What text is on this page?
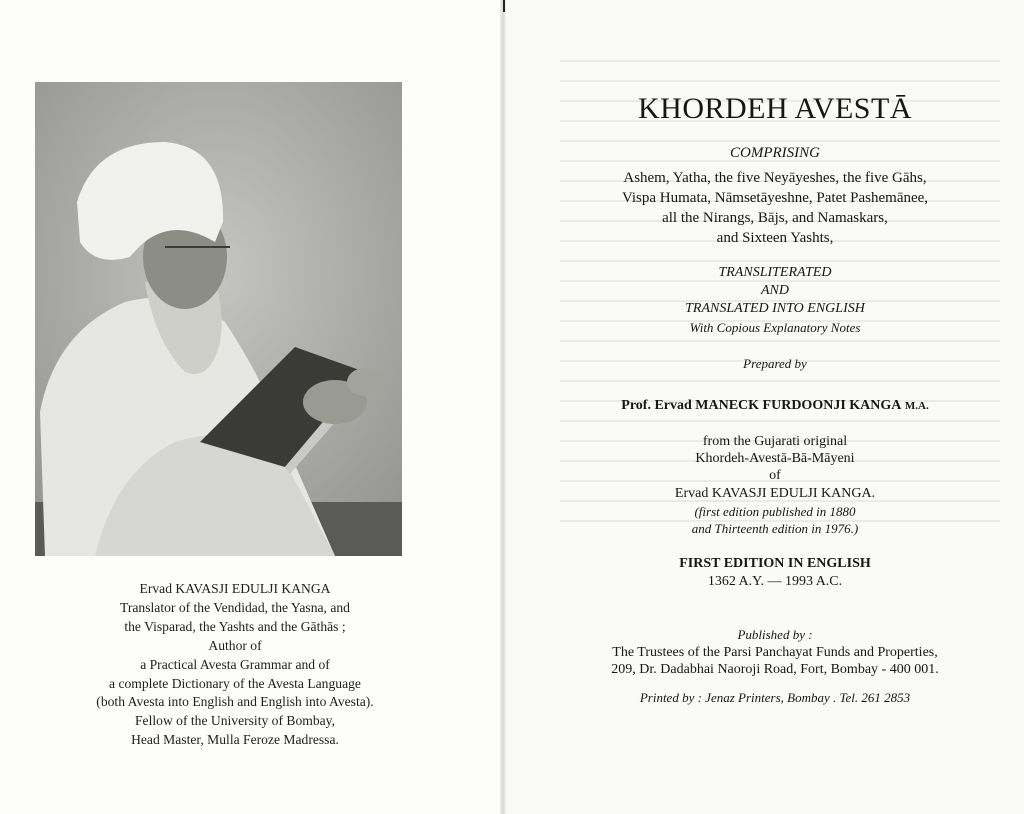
Ervad KAVASJI EDULJI KANGA
Translator of the Vendidad, the Yasna, and
the Visparad, the Yashts and the Gāthās ;
Author of
a Practical Avesta Grammar and of
a complete Dictionary of the Avesta Language
(both Avesta into English and English into Avesta).
Fellow of the University of Bombay,
Head Master, Mulla Feroze Madressa.
KHORDEH AVESTĀ
COMPRISING
Ashem, Yatha, the five Neyāyeshes, the five Gāhs,
Vispa Humata, Nāmsetāyeshne, Patet Pashemānee,
all the Nirangs, Bājs, and Namaskars,
and Sixteen Yashts,
TRANSLITERATED
AND
TRANSLATED INTO ENGLISH
With Copious Explanatory Notes
Prepared by
Prof. Ervad MANECK FURDOONJI KANGA M.A.
from the Gujarati original
Khordeh-Avestā-Bā-Māyeni
of
Ervad KAVASJI EDULJI KANGA.
(first edition published in 1880
and Thirteenth edition in 1976.)
FIRST EDITION IN ENGLISH
1362 A.Y. — 1993 A.C.
Published by :
The Trustees of the Parsi Panchayat Funds and Properties,
209, Dr. Dadabhai Naoroji Road, Fort, Bombay - 400 001.
Printed by : Jenaz Printers, Bombay . Tel. 261 2853
